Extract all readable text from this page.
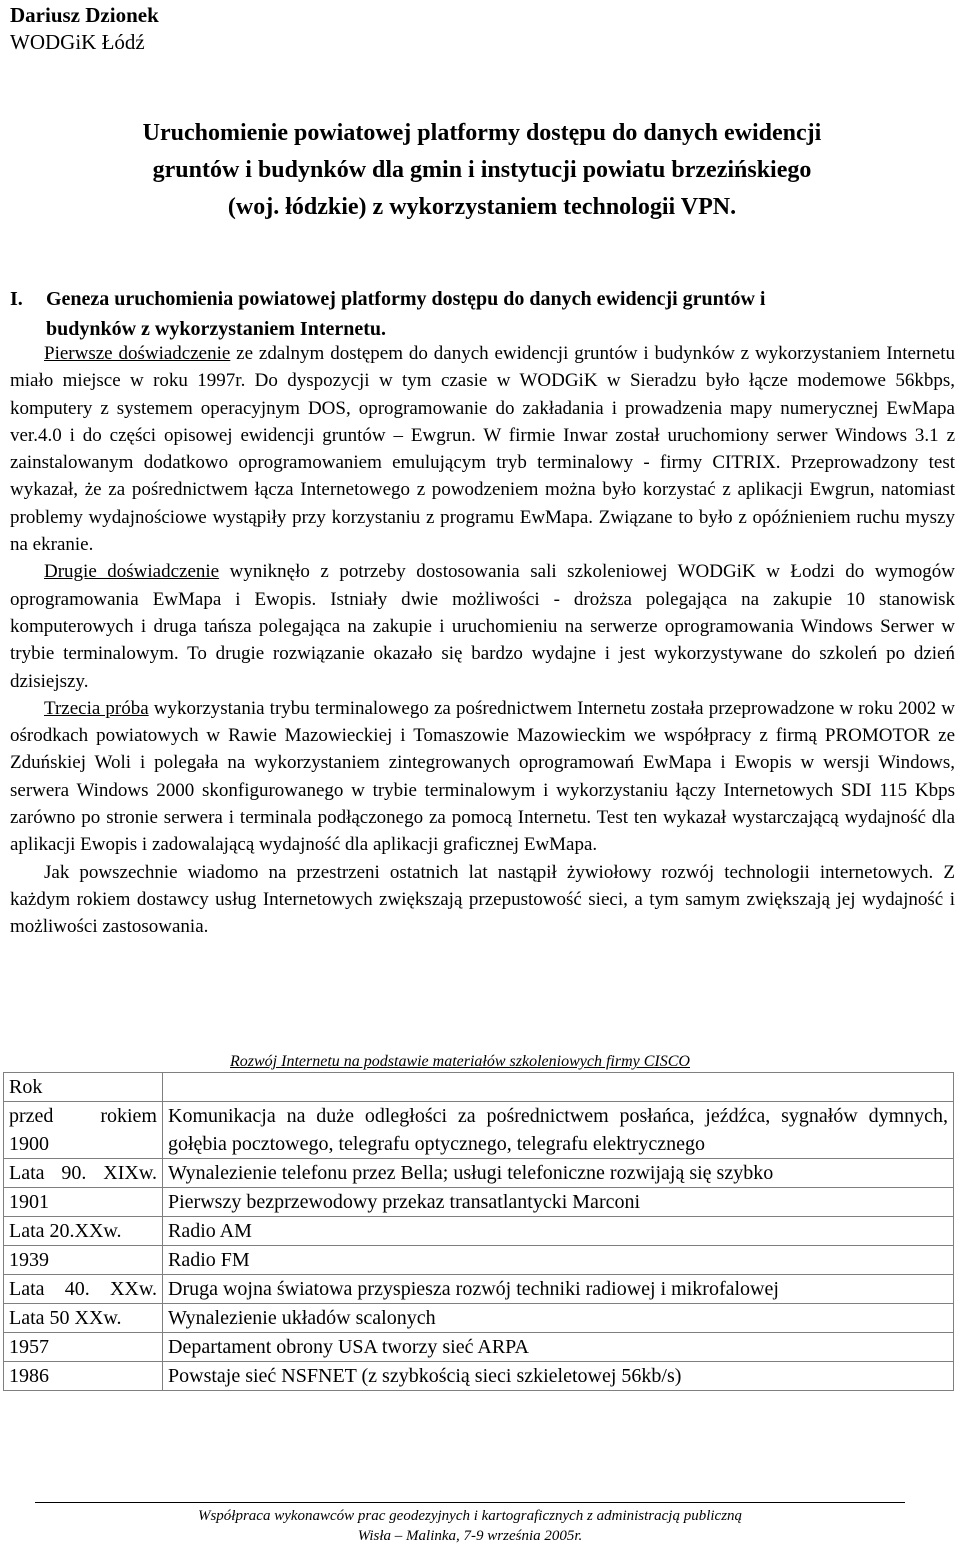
Dariusz Dzionek
WODGiK Łódź
Uruchomienie powiatowej platformy dostępu do danych ewidencji
gruntów i budynków dla gmin i instytucji powiatu brzezińskiego
(woj. łódzkie) z wykorzystaniem technologii VPN.
I. Geneza uruchomienia powiatowej platformy dostępu do danych ewidencji gruntów i
budynków z wykorzystaniem Internetu.

Pierwsze doświadczenie ze zdalnym dostępem do danych ewidencji gruntów i budynków z wykorzystaniem Internetu miało miejsce w roku 1997r. Do dyspozycji w tym czasie w WODGiK w Sieradzu było łącze modemowe 56kbps, komputery z systemem operacyjnym DOS, oprogramowanie do zakładania i prowadzenia mapy numerycznej EwMapa ver.4.0 i do części opisowej ewidencji gruntów – Ewgrun. W firmie Inwar został uruchomiony serwer Windows 3.1 z zainstalowanym dodatkowo oprogramowaniem emulującym tryb terminalowy - firmy CITRIX. Przeprowadzony test wykazał, że za pośrednictwem łącza Internetowego z powodzeniem można było korzystać z aplikacji Ewgrun, natomiast problemy wydajnościowe wystąpiły przy korzystaniu z programu EwMapa. Związane to było z opóźnieniem ruchu myszy na ekranie.

Drugie doświadczenie wyniknęło z potrzeby dostosowania sali szkoleniowej WODGiK w Łodzi do wymogów oprogramowania EwMapa i Ewopis. Istniały dwie możliwości - droższa polegająca na zakupie 10 stanowisk komputerowych i druga tańsza polegająca na zakupie i uruchomieniu na serwerze oprogramowania Windows Serwer w trybie terminalowym. To drugie rozwiązanie okazało się bardzo wydajne i jest wykorzystywane do szkoleń po dzień dzisiejszy.

Trzecia próba wykorzystania trybu terminalowego za pośrednictwem Internetu została przeprowadzone w roku 2002 w ośrodkach powiatowych w Rawie Mazowieckiej i Tomaszowie Mazowieckim we współpracy z firmą PROMOTOR ze Zduńskiej Woli i polegała na wykorzystaniem zintegrowanych oprogramowań EwMapa i Ewopis w wersji Windows, serwera Windows 2000 skonfigurowanego w trybie terminalowym i wykorzystaniu łączy Internetowych SDI 115 Kbps zarówno po stronie serwera i terminala podłączonego za pomocą Internetu. Test ten wykazał wystarczającą wydajność dla aplikacji Ewopis i zadowalającą wydajność dla aplikacji graficznej EwMapa.

Jak powszechnie wiadomo na przestrzeni ostatnich lat nastąpił żywiołowy rozwój technologii internetowych. Z każdym rokiem dostawcy usług Internetowych zwiększają przepustowość sieci, a tym samym zwiększają jej wydajność i możliwości zastosowania.

Rozwój Internetu na podstawie materiałów szkoleniowych firmy CISCO
Rok	
przed rokiem 1900	Komunikacja na duże odległości za pośrednictwem posłańca, jeźdźca, sygnałów dymnych, gołębia pocztowego, telegrafu optycznego, telegrafu elektrycznego
Lata 90. XIXw.	Wynalezienie telefonu przez Bella; usługi telefoniczne rozwijają się szybko
1901	Pierwszy bezprzewodowy przekaz transatlantycki Marconi
Lata 20.XXw.	Radio AM
1939	Radio FM
Lata 40. XXw.	Druga wojna światowa przyspiesza rozwój techniki radiowej i mikrofalowej
Lata 50 XXw.	Wynalezienie układów scalonych
1957	Departament obrony USA tworzy sieć ARPA
1986	Powstaje sieć NSFNET (z szybkością sieci szkieletowej 56kb/s)
Współpraca wykonawców prac geodezyjnych i kartograficznych z administracją publiczną
Wisła – Malinka, 7-9 września 2005r.
